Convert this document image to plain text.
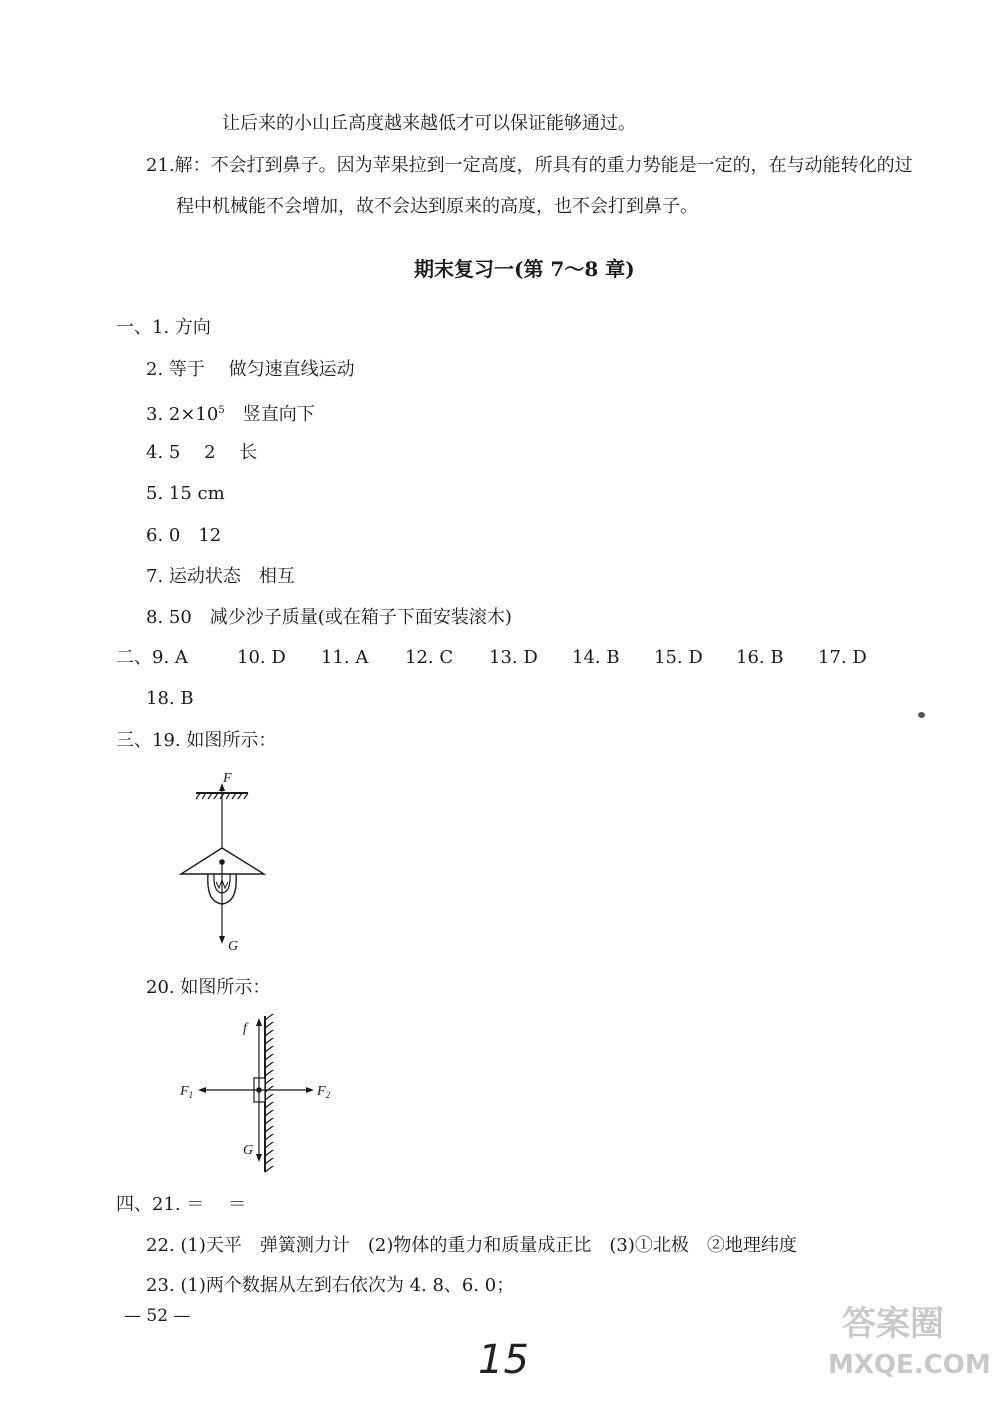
让后来的小山丘高度越来越低才可以保证能够通过。
21.解：不会打到鼻子。因为苹果拉到一定高度，所具有的重力势能是一定的，在与动能转化的过
程中机械能不会增加，故不会达到原来的高度，也不会打到鼻子。
期末复习一(第 7～8 章)
一、1. 方向
2. 等于　 做匀速直线运动
3. $2\times 10^5$　竖直向下
4. 5　 2　 长
5. 15 cm
6. 0　12
7. 运动状态　相互
8. 50　减少沙子质量(或在箱子下面安装滚木)
二、9. A	10. D 11. A 12. C 13. D 14. B 15. D 16. B 17. D
18. B
三、19. 如图所示：
F
G
20. 如图所示：
f
$F_1$	$F_2$
G
四、21. ＝　 ＝
22. (1)天平　弹簧测力计　(2)物体的重力和质量成正比　(3)①北极　②地理纬度
23. (1)两个数据从左到右依次为 4. 8、6. 0；
— 52 —
15
答案圈
MXQE.COM
